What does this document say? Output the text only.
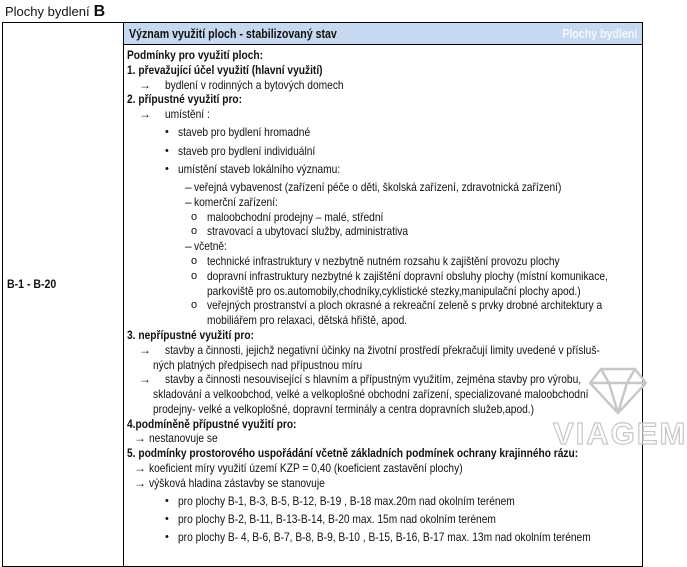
Plochy bydlení B
B-1 - B-20
Význam využití ploch - stabilizovaný stav	Plochy bydlení
Podmínky pro využití ploch:
1. převažující účel využití (hlavní využití)
→ bydlení v rodinných a bytových domech
2. přípustné využití pro:
→ umístění :
• staveb pro bydlení hromadné
• staveb pro bydlení individuální
• umístění staveb lokálního významu:
– veřejná vybavenost (zařízení péče o děti, školská zařízení, zdravotnická zařízení)
– komerční zařízení:
o maloobchodní prodejny – malé, střední
o stravovací a ubytovací služby, administrativa
– včetně:
o technické infrastruktury v nezbytně nutném rozsahu k zajištění provozu plochy
o dopravní infrastruktury nezbytné k zajištění dopravní obsluhy plochy (místní komunikace,
parkoviště pro os.automobily,chodníky,cyklistické stezky,manipulační plochy apod.)
o veřejných prostranství a ploch okrasné a rekreační zeleně s prvky drobné architektury a
mobiliářem pro relaxaci, dětská hřiště, apod.
3. nepřípustné využití pro:
→ stavby a činnosti, jejichž negativní účinky na životní prostředí překračují limity uvedené v přísluš-
ných platných předpisech nad přípustnou míru
→ stavby a činnosti nesouvisející s hlavním a přípustným využitím, zejména stavby pro výrobu,
skladování a velkoobchod, velké a velkoplošné obchodní zařízení, specializované maloobchodní
prodejny- velké a velkoplošné, dopravní terminály a centra dopravních služeb,apod.)
4.podmíněně přípustné využití pro:
→ nestanovuje se
5. podmínky prostorového uspořádání včetně základních podmínek ochrany krajinného rázu:
→ koeficient míry využití území KZP = 0,40 (koeficient zastavění plochy)
→ výšková hladina zástavby se stanovuje
• pro plochy B-1, B-3, B-5, B-12, B-19 , B-18 max.20m nad okolním terénem
• pro plochy B-2, B-11, B-13-B-14, B-20 max. 15m nad okolním terénem
• pro plochy B- 4, B-6, B-7, B-8, B-9, B-10 , B-15, B-16, B-17 max. 13m nad okolním terénem
VIAGEM
